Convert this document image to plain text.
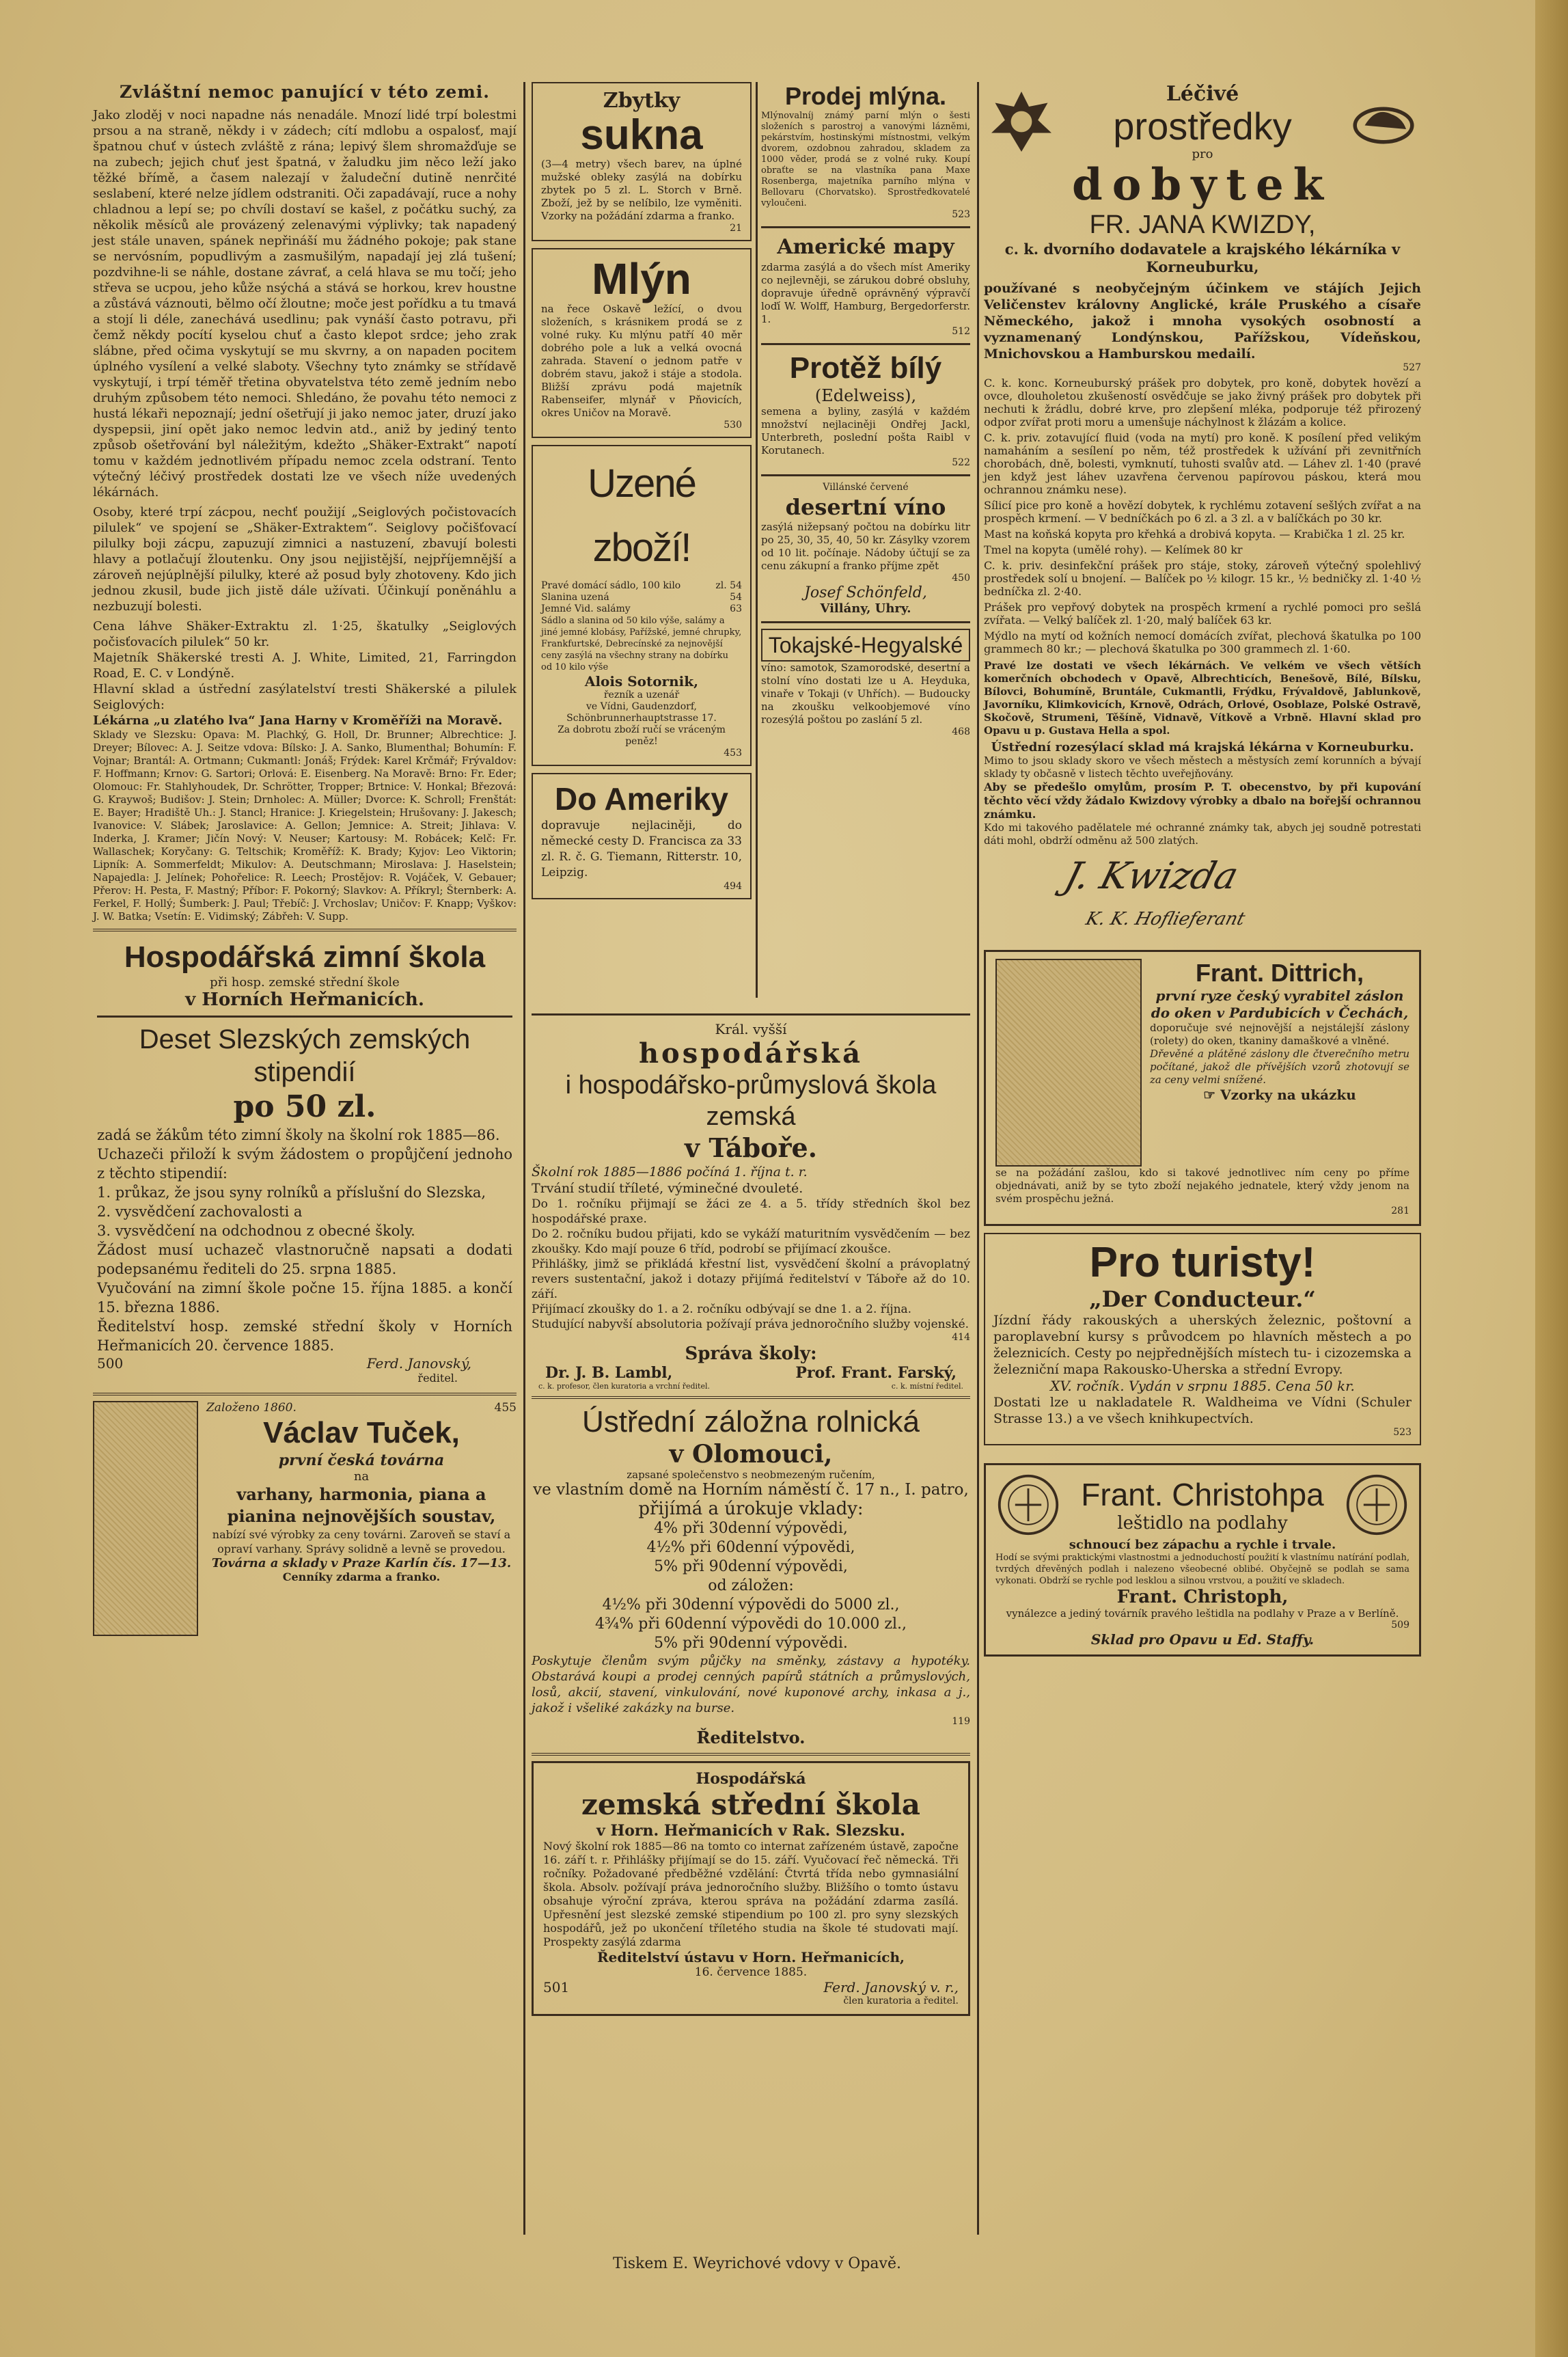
Zvláštní nemoc panující v této zemi.

Jako zloděj v noci napadne nás nenadále. Mnozí lidé trpí bolestmi prsou a na straně, někdy i v zádech; cítí mdlobu a ospalosť, mají špatnou chuť v ústech zvláště z rána; lepivý šlem shromažďuje se na zubech; jejich chuť jest špatná, v žaludku jim něco leží jako těžké břímě, a časem nalezají v žaludeční dutině nenrčité seslabení, které nelze jídlem odstraniti. Oči zapadávají, ruce a nohy chladnou a lepí se; po chvíli dostaví se kašel, z počátku suchý, za několik měsíců ale provázený zelenavými výplivky; tak napadený jest stále unaven, spánek nepřináší mu žádného pokoje; pak stane se nervósním, popudlivým a zasmušilým, napadají jej zlá tušení; pozdvihne-li se náhle, dostane závrať, a celá hlava se mu točí; jeho střeva se ucpou, jeho kůže nsýchá a stává se horkou, krev houstne a zůstává váznouti, bělmo očí žloutne; moče jest pořídku a tu tmavá a stojí li déle, zanechává usedlinu; pak vynáší často potravu, při čemž někdy pocítí kyselou chuť a často klepot srdce; jeho zrak slábne, před očima vyskytují se mu skvrny, a on napaden pocitem úplného vysílení a velké slaboty. Všechny tyto známky se střídavě vyskytují, i trpí téměř třetina obyvatelstva této země jedním nebo druhým způsobem této nemoci. Shledáno, že povahu této nemoci z hustá lékaři nepoznají; jední ošetřují ji jako nemoc jater, druzí jako dyspepsii, jiní opět jako nemoc ledvin atd., aniž by jediný tento způsob ošetřování byl náležitým, kdežto „Shäker-Extrakt“ napotí tomu v každém jednotlivém případu nemoc zcela odstraní. Tento výtečný léčivý prostředek dostati lze ve všech níže uvedených lékárnách.

Osoby, které trpí zácpou, nechť použijí „Seiglových počistovacích pilulek“ ve spojení se „Shäker-Extraktem“. Seiglovy počišťovací pilulky boji zácpu, zapuzují zimnici a nastuzení, zbavují bolesti hlavy a potlačují žloutenku. Ony jsou nejjistější, nejpříjemnější a zároveň nejúplnější pilulky, které až posud byly zhotoveny. Kdo jich jednou zkusil, bude jich jistě dále užívati. Účinkují poněnáhlu a nezbuzují bolesti.

Cena láhve Shäker-Extraktu zl. 1·25, škatulky „Seiglových počisťovacích pilulek“ 50 kr.

Majetník Shäkerské tresti A. J. White, Limited, 21, Farringdon Road, E. C. v Londýně.

Hlavní sklad a ústřední zasýlatelství tresti Shäkerské a pilulek Seiglových:

Lékárna „u zlatého lva“ Jana Harny v Kroměříži na Moravě.

Sklady ve Slezsku: Opava: M. Plachký, G. Holl, Dr. Brunner; Albrechtice: J. Dreyer; Bílovec: A. J. Seitze vdova: Bílsko: J. A. Sanko, Blumenthal; Bohumín: F. Vojnar; Brantál: A. Ortmann; Cukmantl: Jonáš; Frýdek: Karel Krčmář; Frývaldov: F. Hoffmann; Krnov: G. Sartori; Orlová: E. Eisenberg. Na Moravě: Brno: Fr. Eder; Olomouc: Fr. Stahlyhoudek, Dr. Schrötter, Tropper; Brtnice: V. Honkal; Březová: G. Kraywoš; Budišov: J. Stein; Drnholec: A. Müller; Dvorce: K. Schroll; Frenštát: E. Bayer; Hradiště Uh.: J. Stancl; Hranice: J. Kriegelstein; Hrušovany: J. Jakesch; Ivanovice: V. Slábek; Jaroslavice: A. Gellon; Jemnice: A. Streit; Jihlava: V. Inderka, J. Kramer; Jičín Nový: V. Neuser; Kartousy: M. Robácek; Kelč: Fr. Wallaschek; Koryčany: G. Teltschik; Kroměříž: K. Brady; Kyjov: Leo Viktorin; Lipník: A. Sommerfeldt; Mikulov: A. Deutschmann; Miroslava: J. Haselstein; Napajedla: J. Jelínek; Pohořelice: R. Leech; Prostějov: R. Vojáček, V. Gebauer; Přerov: H. Pesta, F. Mastný; Příbor: F. Pokorný; Slavkov: A. Příkryl; Šternberk: A. Ferkel, F. Hollý; Šumberk: J. Paul; Třebíč: J. Vrchoslav; Uničov: F. Knapp; Vyškov: J. W. Batka; Vsetín: E. Vidimský; Zábřeh: V. Supp.

Hospodářská zimní škola

při hosp. zemské střední škole

v Horních Heřmanicích.

Deset Slezských zemských stipendií

po 50 zl.

zadá se žákům této zimní školy na školní rok 1885—86.

Uchazeči přiloží k svým žádostem o propůjčení jednoho z těchto stipendií:

1. průkaz, že jsou syny rolníků a příslušní do Slezska,

2. vysvědčení zachovalosti a

3. vysvědčení na odchodnou z obecné školy.

Žádost musí uchazeč vlastnoručně napsati a dodati podepsanému řediteli do 25. srpna 1885.

Vyučování na zimní škole počne 15. října 1885. a končí 15. března 1886.

Ředitelství hosp. zemské střední školy v Horních Heřmanicích 20. července 1885.

500	Ferd. Janovský,

ředitel.

Založeno 1860.	455
Václav Tuček,

první česká továrna

na

varhany, harmonia, piana a pianina nejnovějších soustav,

nabízí své výrobky za ceny továrni. Zaroveň se staví a opraví varhany. Správy solidně a levně se provedou.

Továrna a sklady v Praze Karlín čís. 17—13.

Cenníky zdarma a franko.

Zbytky

sukna

(3—4 metry) všech barev, na úplné mužské obleky zasýlá na dobírku zbytek po 5 zl. L. Storch v Brně. Zboží, jež by se nelíbilo, lze vyměniti. Vzorky na požádání zdarma a franko.

21

Mlýn

na řece Oskavě ležící, o dvou složeních, s krásnikem prodá se z volné ruky. Ku mlýnu patří 40 měr dobrého pole a luk a velká ovocná zahrada. Stavení o jednom patře v dobrém stavu, jakož i stáje a stodola. Bližší zprávu podá majetník Rabenseifer, mlynář v Pňovicích, okres Uničov na Moravě.

530

Uzené zboží!

Pravé domácí sádlo, 100 kilo	zl. 54
Slanina uzená	54
Jemné Vid. salámy	63

Sádlo a slanina od 50 kilo výše, salámy a jiné jemné klobásy, Pařížské, jemné chrupky, Frankfurtské, Debrecínské za nejnovější ceny zasýlá na všechny strany na dobírku od 10 kilo výše

Alois Sotornik,

řezník a uzenář

ve Vídni, Gaudenzdorf, Schönbrunnerhauptstrasse 17.

Za dobrotu zboží ručí se vráceným peněz!

453

Do Ameriky

dopravuje nejlaciněji, do německé cesty D. Francisca za 33 zl. R. č. G. Tiemann, Ritterstr. 10, Leipzig.

494

Prodej mlýna.

Mlýnovalníj známý parní mlýn o šesti složeních s parostroj a vanovými lázněmi, pekárstvím, hostinskými místnostmi, velkým dvorem, ozdobnou zahradou, skladem za 1000 věder, prodá se z volné ruky. Koupí obraťte se na vlastníka pana Maxe Rosenberga, majetníka parního mlýna v Bellovaru (Chorvatsko). Sprostředkovatelé vyloučeni.

523

Americké mapy

zdarma zasýlá a do všech míst Ameriky co nejlevněji, se zárukou dobré obsluhy, dopravuje úředně oprávněný výpravčí loďí W. Wolff, Hamburg, Bergedorferstr. 1.

512

Protěž bílý

(Edelweiss),

semena a byliny, zasýlá v každém množství nejlaciněji Ondřej Jackl, Unterbreth, poslední pošta Raibl v Korutanech.

522

Villánské červené

desertní víno

zasýlá nižepsaný počtou na dobírku litr po 25, 30, 35, 40, 50 kr. Zásylky vzorem od 10 lit. počínaje. Nádoby účtují se za cenu zákupní a franko příjme zpět

450

Josef Schönfeld,

Villány, Uhry.

Tokajské-Hegyalské

víno: samotok, Szamorodské, desertní a stolní víno dostati lze u A. Heyduka, vinaře v Tokaji (v Uhřích). — Budoucky na zkoušku velkoobjemové víno rozesýlá poštou po zaslání 5 zl.

468

Král. vyšší

hospodářská

i hospodářsko-průmyslová škola zemská

v Táboře.

Školní rok 1885—1886 počíná 1. října t. r.

Trvání studií tříleté, výminečné dvouleté.

Do 1. ročníku přijmají se žáci ze 4. a 5. třídy středních škol bez hospodářské praxe.

Do 2. ročníku budou přijati, kdo se vykáží maturitním vysvědčením — bez zkoušky. Kdo mají pouze 6 tříd, podrobí se přijímací zkoušce.

Přihlášky, jimž se přikládá křestní list, vysvědčení školní a právoplatný revers sustentační, jakož i dotazy přijímá ředitelství v Táboře až do 10. září.

Přijímací zkoušky do 1. a 2. ročníku odbývají se dne 1. a 2. října.

Studující nabyvší absolutoria požívají práva jednoročního služby vojenské.

414

Správa školy:

Dr. J. B. Lambl,	Prof. Frant. Farský,
c. k. profesor, člen kuratoria a vrchní ředitel.	c. k. místní ředitel.

Ústřední záložna rolnická

v Olomouci,

zapsané společenstvo s neobmezeným ručením,

ve vlastním domě na Horním náměstí č. 17 n., I. patro,

přijímá a úrokuje vklady:

4% při 30denní výpovědi,

4½% při 60denní výpovědi,

5% při 90denní výpovědi,

od záložen:

4½% při 30denní výpovědi do 5000 zl.,

4¾% při 60denní výpovědi do 10.000 zl.,

5% při 90denní výpovědi.

Poskytuje členům svým půjčky na směnky, zástavy a hypotéky. Obstarává koupi a prodej cenných papírů státních a průmyslových, losů, akcií, stavení, vinkulování, nové kuponové archy, inkasa a j., jakož i všeliké zakázky na burse.

119

Ředitelstvo.

Hospodářská

zemská střední škola

v Horn. Heřmanicích v Rak. Slezsku.

Nový školní rok 1885—86 na tomto co internat zařízeném ústavě, započne 16. září t. r. Přihlášky přijímají se do 15. září. Vyučovací řeč německá. Tři ročníky. Požadované předběžné vzdělání: Čtvrtá třída nebo gymnasiální škola. Absolv. požívají práva jednoročního služby. Bližšího o tomto ústavu obsahuje výroční zpráva, kterou správa na požádání zdarma zasílá. Upřesnění jest slezské zemské stipendium po 100 zl. pro syny slezských hospodářů, jež po ukončení tříletého studia na škole té studovati mají. Prospekty zasýlá zdarma

Ředitelství ústavu v Horn. Heřmanicích,

16. července 1885.

501	Ferd. Janovský v. r.,

člen kuratoria a ředitel.

Léčivé

prostředky

pro

dobytek

FR. JANA KWIZDY,

c. k. dvorního dodavatele a krajského lékárníka v Korneuburku,

používané s neobyčejným účinkem ve stájích Jejich Veličenstev královny Anglické, krále Pruského a císaře Německého, jakož i mnoha vysokých osobností a vyznamenaný Londýnskou, Pařížskou, Vídeňskou, Mnichovskou a Hamburskou medailí.

527

C. k. konc. Korneuburský prášek pro dobytek, pro koně, dobytek hovězí a ovce, dlouholetou zkušeností osvědčuje se jako živný prášek pro dobytek při nechuti k žrádlu, dobré krve, pro zlepšení mléka, podporuje též přirozený odpor zvířat proti moru a umenšuje náchylnost k žlázám a kolice.

C. k. priv. zotavující fluid (voda na mytí) pro koně. K posílení před velikým namaháním a sesílení po něm, též prostředek k užívání při zevnitřních chorobách, dně, bolesti, vymknutí, tuhosti svalův atd. — Láhev zl. 1·40 (pravé jen když jest láhev uzavřena červenou papírovou páskou, která mou ochrannou známku nese).

Sílicí pice pro koně a hovězí dobytek, k rychlému zotavení sešlých zvířat a na prospěch krmení. — V bedníčkách po 6 zl. a 3 zl. a v balíčkách po 30 kr.

Mast na koňská kopyta pro křehká a drobivá kopyta. — Krabička 1 zl. 25 kr.

Tmel na kopyta (umělé rohy). — Kelímek 80 kr

C. k. priv. desinfekční prášek pro stáje, stoky, zároveň výtečný spolehlivý prostředek solí u bnojení. — Balíček po ½ kilogr. 15 kr., ½ bedničky zl. 1·40 ½ bedníčka zl. 2·40.

Prášek pro vepřový dobytek na prospěch krmení a rychlé pomoci pro sešlá zvířata. — Velký balíček zl. 1·20, malý balíček 63 kr.

Mýdlo na mytí od kožních nemocí domácích zvířat, plechová škatulka po 100 grammech 80 kr.; — plechová škatulka po 300 grammech zl. 1·60.

Pravé lze dostati ve všech lékárnách. Ve velkém ve všech větších komerčních obchodech v Opavě, Albrechticích, Benešově, Bílé, Bílsku, Bílovci, Bohumíně, Bruntále, Cukmantli, Frýdku, Frývaldově, Jablunkově, Javorníku, Klimkovicích, Krnově, Odrách, Orlové, Osoblaze, Polské Ostravě, Skočově, Strumeni, Těšíně, Vidnavě, Vítkově a Vrbně. Hlavní sklad pro Opavu u p. Gustava Hella a spol.

Ústřední rozesýlací sklad má krajská lékárna v Korneuburku.

Mimo to jsou sklady skoro ve všech městech a městysích zemí korunních a bývají sklady ty občasně v listech těchto uveřejňovány.

Aby se předešlo omylům, prosím P. T. obecenstvo, by při kupování těchto věcí vždy žádalo Kwizdovy výrobky a dbalo na bořejší ochrannou známku.

Kdo mi takového padělatele mé ochranné známky tak, abych jej soudně potrestati dáti mohl, obdrží odměnu až 500 zlatých.

J. Kwizda

K. K. Hoflieferant

Frant. Dittrich,

první ryze český vyrabitel záslon do oken v Pardubicích v Čechách,

doporučuje své nejnovější a nejstálejší záslony (rolety) do oken, tkaniny damaškové a vlněné.

Dřevěné a plátěné záslony dle čtverečního metru počítané, jakož dle přívějších vzorů zhotovují se za ceny velmi snížené.

☞ Vzorky na ukázku

se na požádání zašlou, kdo si takové jednotlivec ním ceny po příme objednávati, aniž by se tyto zboží nejakého jednatele, který vždy jenom na svém prospěchu ježná.

281

Pro turisty!

„Der Conducteur.“

Jízdní řády rakouských a uherských železnic, poštovní a paroplavební kursy s průvodcem po hlavních městech a po železnicích. Cesty po nejpřednějších místech tu- i cizozemska a železniční mapa Rakousko-Uherska a střední Evropy.

XV. ročník. Vydán v srpnu 1885. Cena 50 kr.

Dostati lze u nakladatele R. Waldheima ve Vídni (Schuler Strasse 13.) a ve všech knihkupectvích.

523

Frant. Christohpa

leštidlo na podlahy

schnoucí bez zápachu a rychle i trvale.

Hodí se svými praktickými vlastnostmi a jednoduchostí použití k vlastnímu natírání podlah, tvrdých dřevěných podlah i nalezeno všeobecné oblibé. Obyčejně se podlah se sama vykonati. Obdrží se rychle pod lesklou a silnou vrstvou, a použití ve skladech.

Frant. Christoph,

vynálezce a jediný továrník pravého leštidla na podlahy v Praze a v Berlíně.

509

Sklad pro Opavu u Ed. Staffy.

Tiskem E. Weyrichové vdovy v Opavě.
